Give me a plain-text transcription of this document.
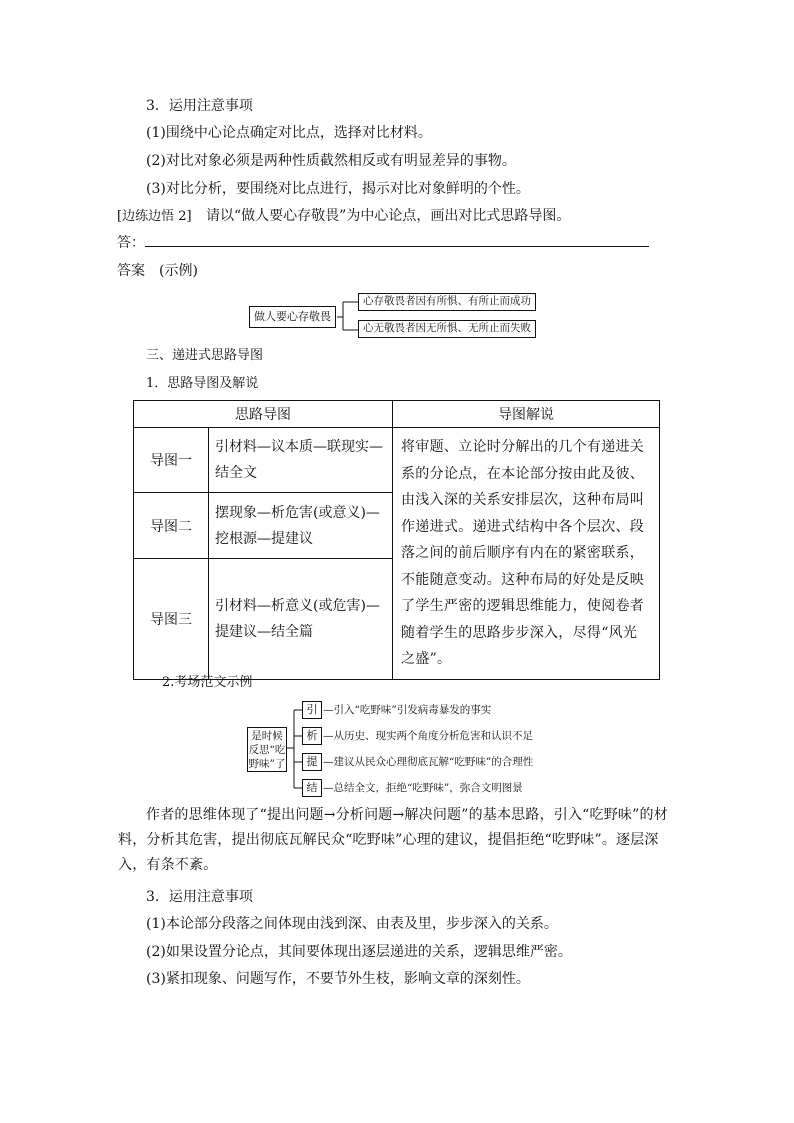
3．运用注意事项
(1)围绕中心论点确定对比点，选择对比材料。
(2)对比对象必须是两种性质截然相反或有明显差异的事物。
(3)对比分析，要围绕对比点进行，揭示对比对象鲜明的个性。
[边练边悟 2] 请以“做人要心存敬畏”为中心论点，画出对比式思路导图。
答：
答案　(示例)
做人要心存敬畏
心存敬畏者因有所惧、有所止而成功
心无敬畏者因无所惧、无所止而失败
三、递进式思路导图
1．思路导图及解说
思路导图		导图解说
导图一	引材料—议本质—联现实—结全文	将审题、立论时分解出的几个有递进关系的分论点，在本论部分按由此及彼、由浅入深的关系安排层次，这种布局叫作递进式。递进式结构中各个层次、段落之间的前后顺序有内在的紧密联系，不能随意变动。这种布局的好处是反映了学生严密的逻辑思维能力，使阅卷者随着学生的思路步步深入，尽得“风光之盛”。
导图二	摆现象—析危害(或意义)—挖根源—提建议	
导图三	引材料—析意义(或危害)—提建议—结全篇	
2.考场范文示例
是时候
反思“吃
野味”了
引 —引入“吃野味”引发病毒暴发的事实
析 —从历史、现实两个角度分析危害和认识不足
提 —建议从民众心理彻底瓦解“吃野味”的合理性
结 —总结全文，拒绝“吃野味”，弥合文明图景
作者的思维体现了“提出问题→分析问题→解决问题”的基本思路，引入“吃野味”的材料，分析其危害，提出彻底瓦解民众“吃野味”心理的建议，提倡拒绝“吃野味”。逐层深入，有条不紊。
3．运用注意事项
(1)本论部分段落之间体现由浅到深、由表及里，步步深入的关系。
(2)如果设置分论点，其间要体现出逐层递进的关系，逻辑思维严密。
(3)紧扣现象、问题写作，不要节外生枝，影响文章的深刻性。
